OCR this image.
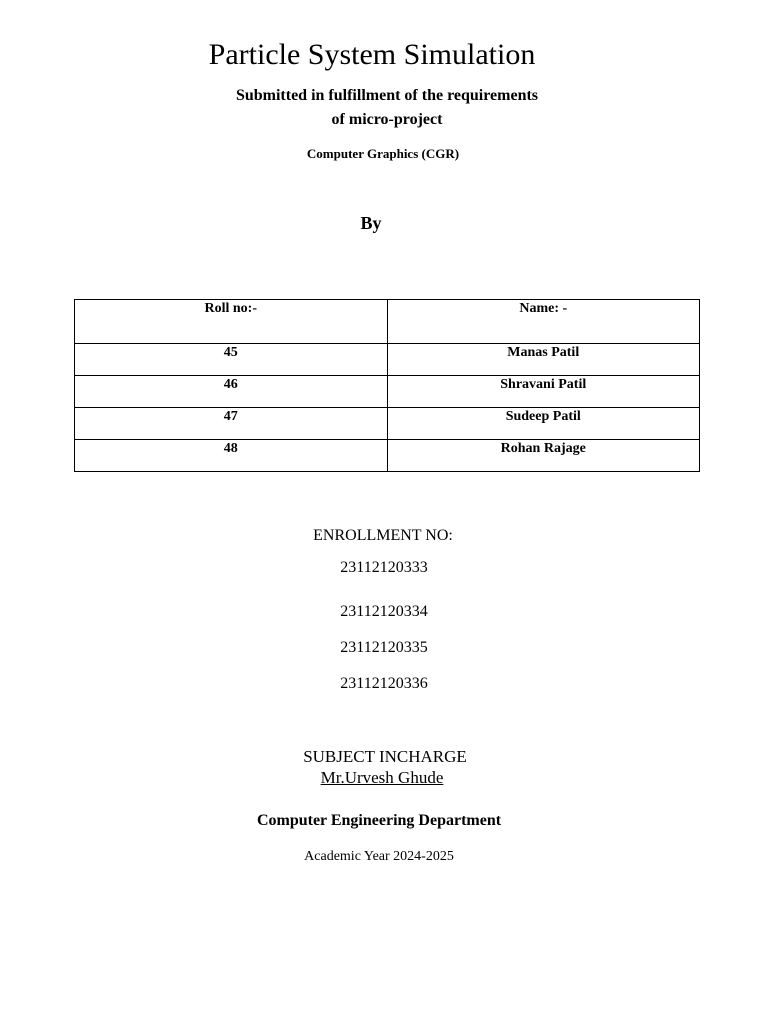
Particle System Simulation
Submitted in fulfillment of the requirements
of micro-project
Computer Graphics (CGR)
By
Roll no:-	Name: -
45	Manas Patil
46	Shravani Patil
47	Sudeep Patil
48	Rohan Rajage
ENROLLMENT NO:
23112120333
23112120334
23112120335
23112120336
SUBJECT INCHARGE
Mr.Urvesh Ghude
Computer Engineering Department
Academic Year 2024-2025
